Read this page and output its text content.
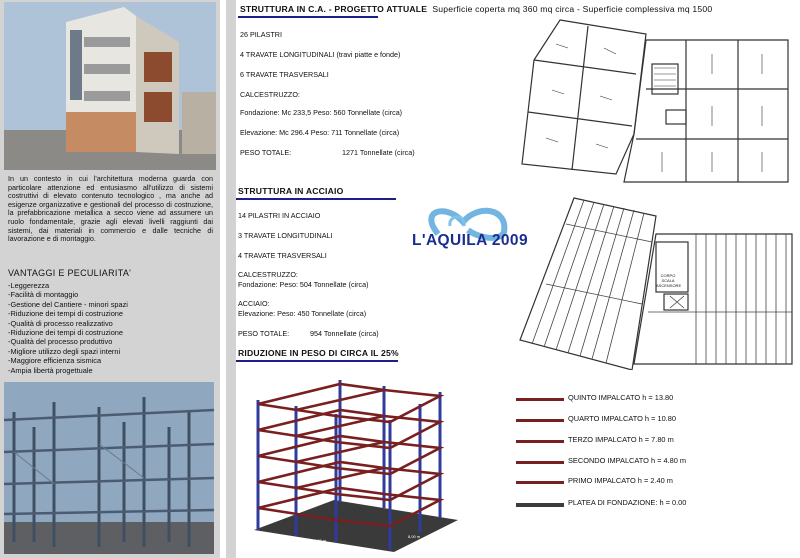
In un contesto in cui l'architettura moderna guarda con particolare attenzione ed entusiasmo all'utilizzo di sistemi costruttivi di elevato contenuto tecnologico , ma anche ad esigenze organizzative e gestionali del processo di costruzione, la prefabbricazione metallica a secco viene ad assumere un ruolo fondamentale, grazie agli elevati livelli raggiunti dai sistemi, dai materiali in commercio e dalle tecniche di lavorazione e di montaggio.
VANTAGGI E PECULIARITA'
-Leggerezza
-Facilità di montaggio
-Gestione del Cantiere - minori spazi
-Riduzione dei tempi di costruzione
-Qualità di processo realizzativo
-Riduzione dei tempi di costruzione
-Qualità del processo produttivo
-Migliore utilizzo degli spazi interni
-Maggiore efficienza sismica
-Ampia libertà progettuale
STRUTTURA IN C.A. - PROGETTO ATTUALE Superficie coperta mq 360 mq circa - Superficie complessiva mq 1500
26 PILASTRI
4 TRAVATE LONGITUDINALI (travi piatte e fonde)
6 TRAVATE TRASVERSALI
CALCESTRUZZO:
Fondazione: Mc 233,5 Peso: 560 Tonnellate (circa)
Elevazione: Mc 296.4 Peso: 711 Tonnellate (circa)
PESO TOTALE:	1271 Tonnellate (circa)
STRUTTURA IN ACCIAIO
14 PILASTRI IN ACCIAIO
3 TRAVATE LONGITUDINALI
4 TRAVATE TRASVERSALI
CALCESTRUZZO:
Fondazione: Peso: 504 Tonnellate (circa)
ACCIAIO:
Elevazione: Peso: 450 Tonnellate (circa)
PESO TOTALE:	954 Tonnellate (circa)
L'AQUILA 2009
CORPO SCALA ASCENSORE
RIDUZIONE IN PESO DI CIRCA IL 25%
7,00 m
8,00 m
QUINTO IMPALCATO h = 13.80
QUARTO IMPALCATO h = 10.80
TERZO IMPALCATO h = 7.80 m
SECONDO IMPALCATO h = 4.80 m
PRIMO IMPALCATO h = 2.40 m
PLATEA DI FONDAZIONE: h = 0.00
